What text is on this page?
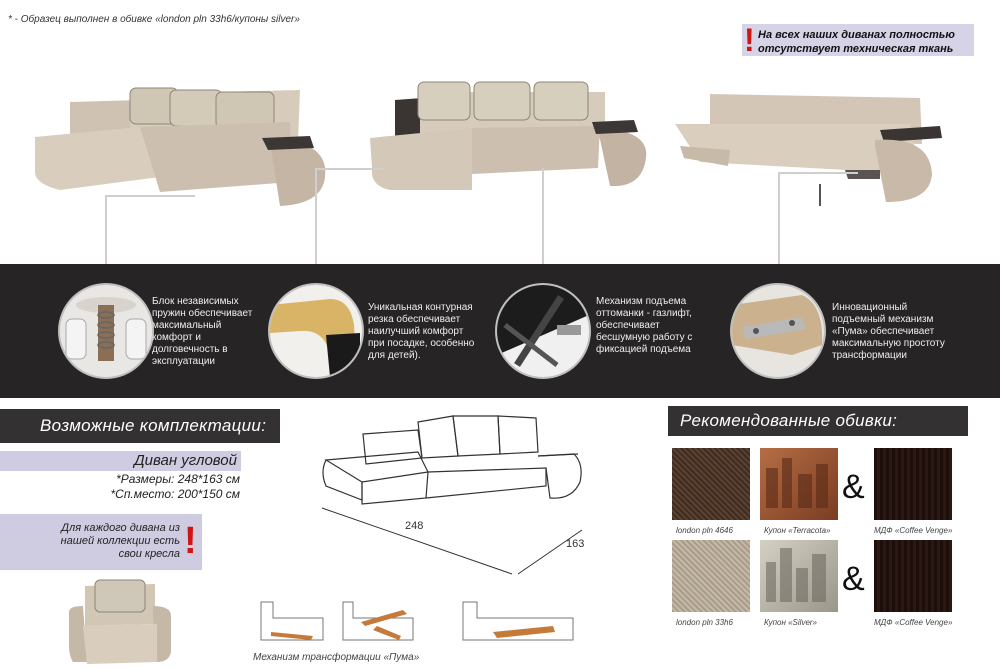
* - Образец выполнен в обивке «london pln 33h6/купоны silver»
! На всех наших диванах полностью
отсутствует техническая ткань
Блок независимых
пружин обеспечивает
максимальный
комфорт и
долговечность в
эксплуатации
Уникальная контурная
резка обеспечивает
наилучший комфорт
при посадке, особенно
для детей).
Механизм подъема
оттоманки - газлифт,
обеспечивает
бесшумную работу с
фиксацией подъема
Инновационный
подъемный механизм
«Пума» обеспечивает
максимальную простоту
трансформации
Возможные комплектации:
Диван угловой
*Размеры: 248*163 см
*Сп.место: 200*150 см
248
163
Для каждого дивана из
нашей коллекции есть
свои кресла !
Механизм трансформации «Пума»
Рекомендованные обивки:
&
london pln 4646	Купон «Terracota»	МДФ «Coffee Venge»
&
london pln 33h6	Купон «Silver»	МДФ «Coffee Venge»
